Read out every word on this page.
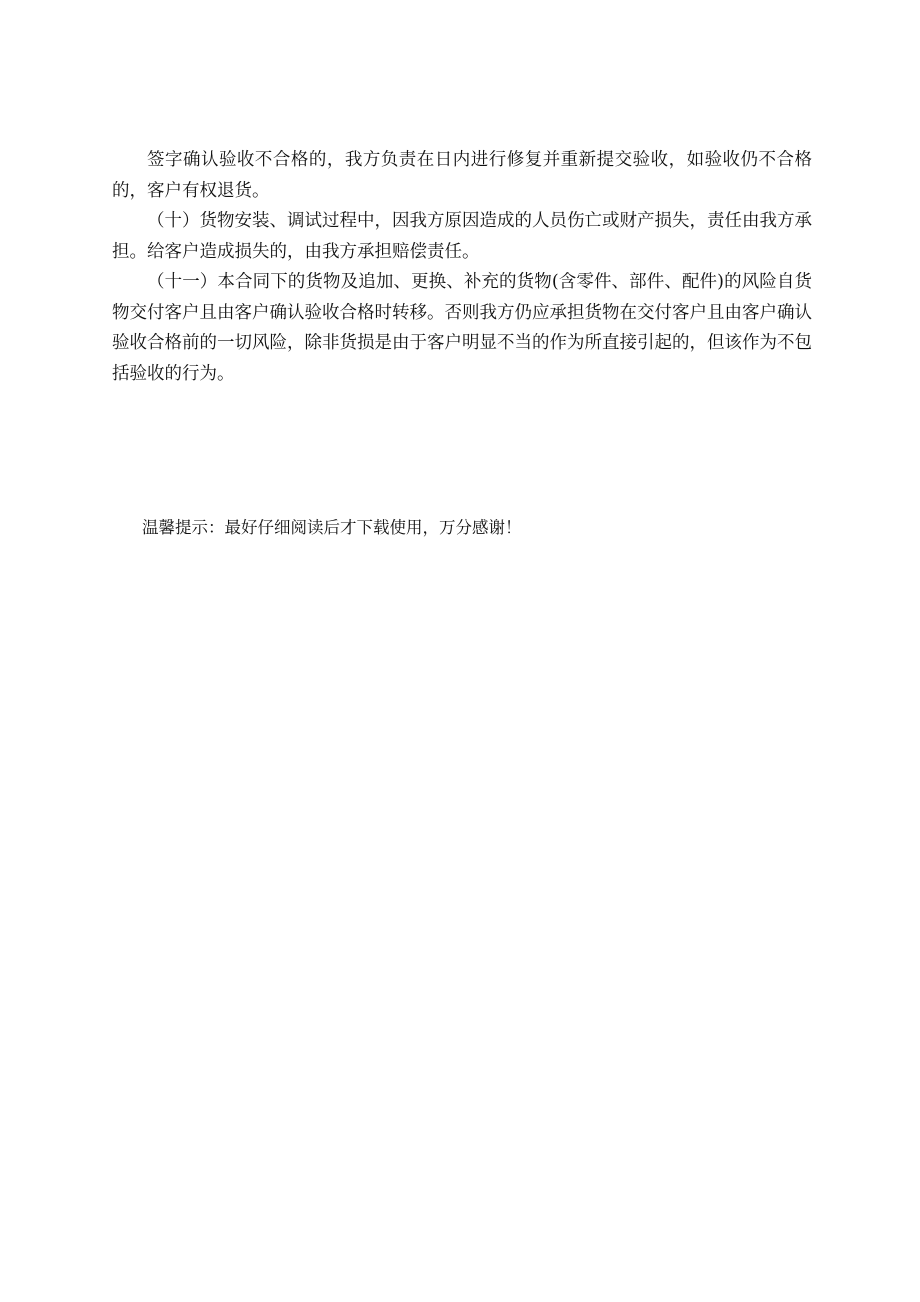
签字确认验收不合格的，我方负责在日内进行修复并重新提交验收，如验收仍不合格的，客户有权退货。

（十）货物安装、调试过程中，因我方原因造成的人员伤亡或财产损失，责任由我方承担。给客户造成损失的，由我方承担赔偿责任。

（十一）本合同下的货物及追加、更换、补充的货物(含零件、部件、配件)的风险自货物交付客户且由客户确认验收合格时转移。否则我方仍应承担货物在交付客户且由客户确认验收合格前的一切风险，除非货损是由于客户明显不当的作为所直接引起的，但该作为不包括验收的行为。

温馨提示：最好仔细阅读后才下载使用，万分感谢！
